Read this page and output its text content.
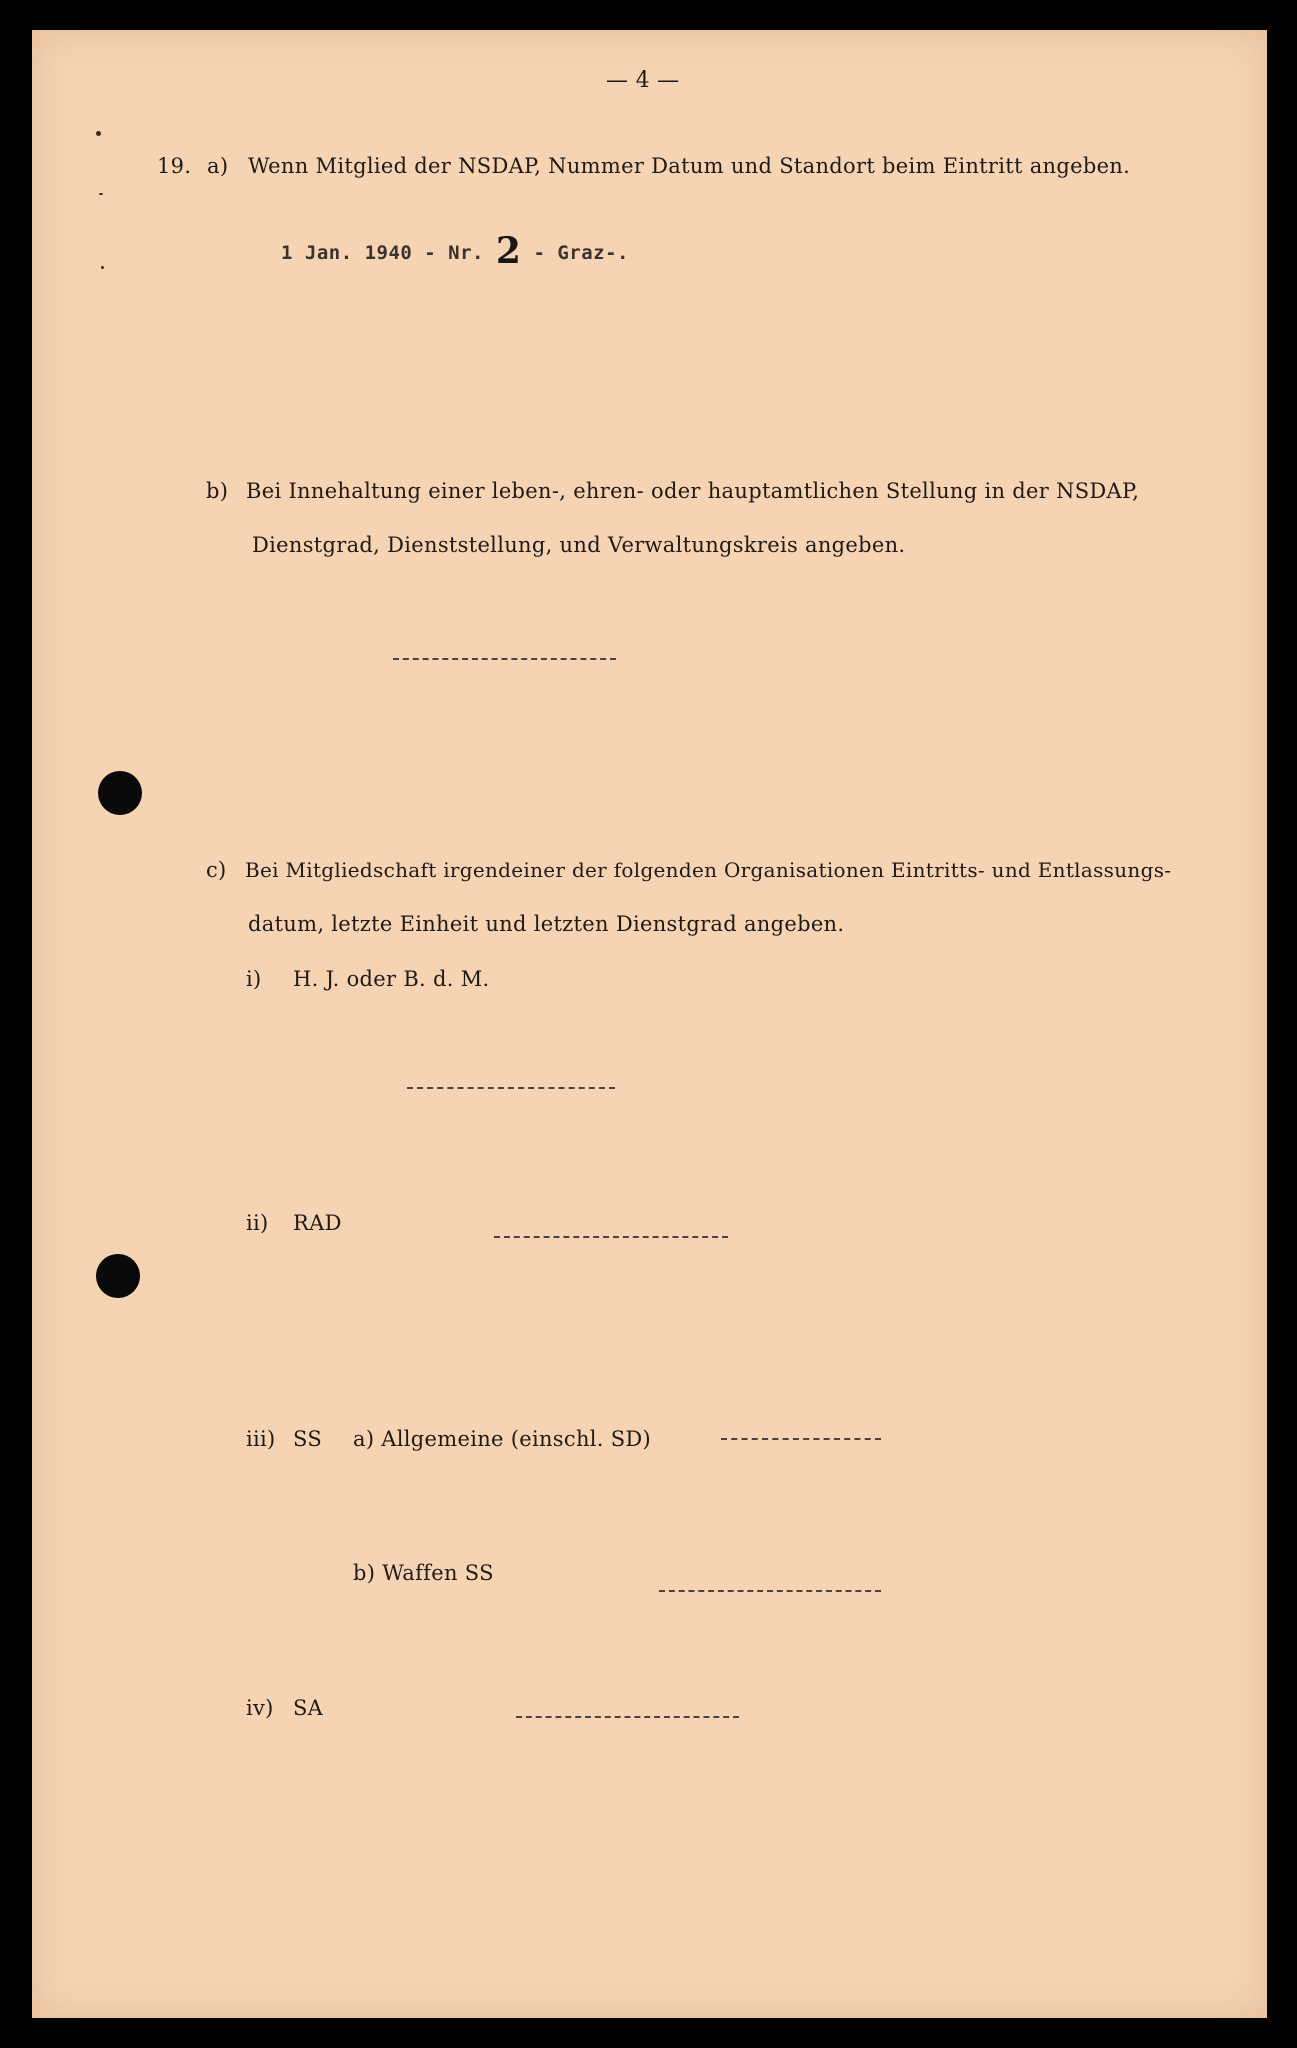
— 4 —
19. a) Wenn Mitglied der NSDAP, Nummer Datum und Standort beim Eintritt angeben.
1 Jan. 1940 - Nr. 2 - Graz-.
b) Bei Innehaltung einer leben-, ehren- oder hauptamtlichen Stellung in der NSDAP,
Dienstgrad, Dienststellung, und Verwaltungskreis angeben.
c) Bei Mitgliedschaft irgendeiner der folgenden Organisationen Eintritts- und Entlassungs-
datum, letzte Einheit und letzten Dienstgrad angeben.
i) H. J. oder B. d. M.
ii) RAD
iii) SS a) Allgemeine (einschl. SD)
b) Waffen SS
iv) SA
